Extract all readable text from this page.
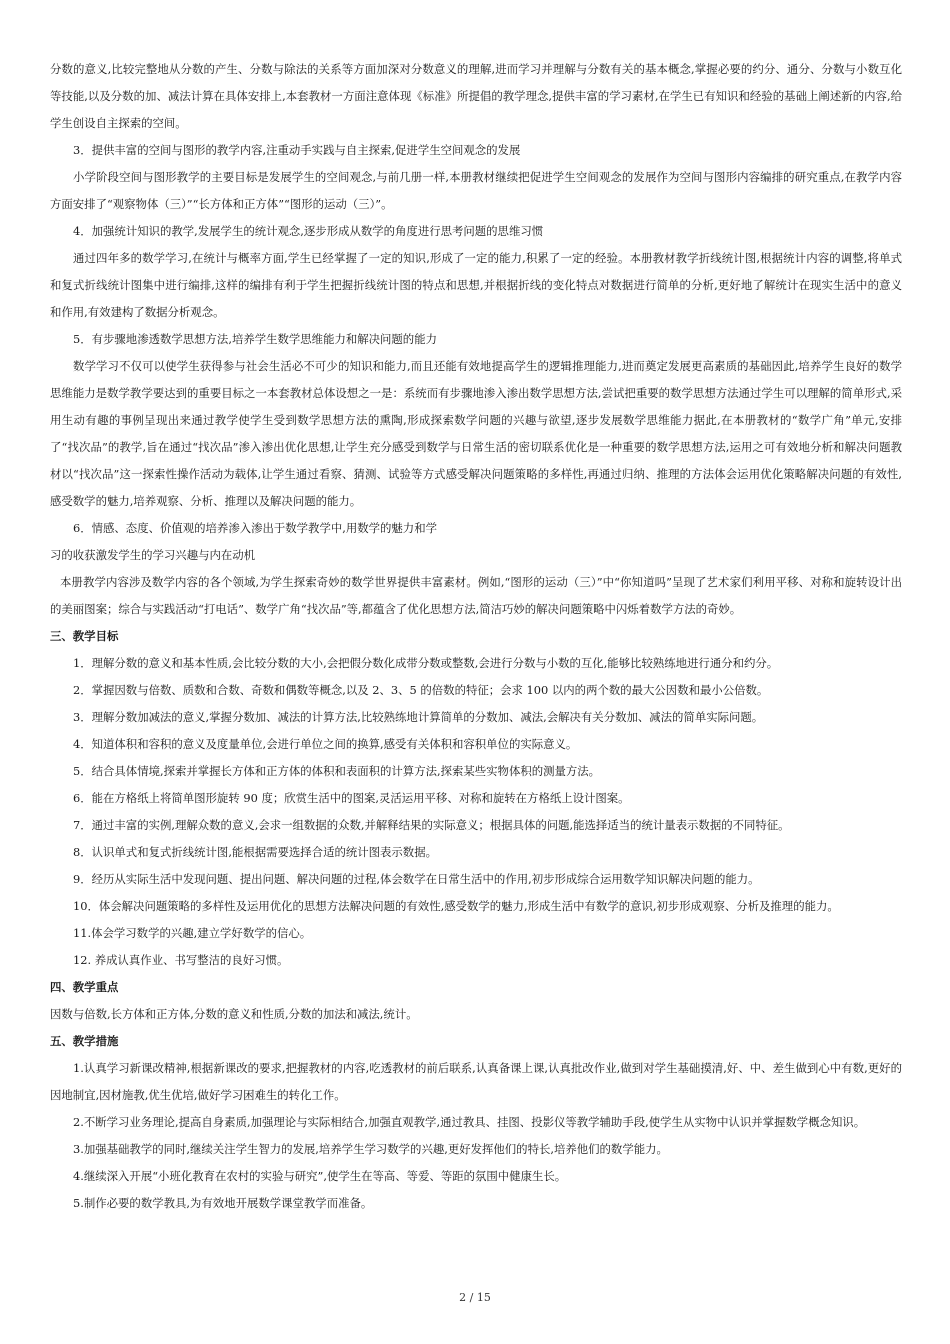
分数的意义,比较完整地从分数的产生、分数与除法的关系等方面加深对分数意义的理解,进而学习并理解与分数有关的基本概念,掌握必要的约分、通分、分数与小数互化等技能,以及分数的加、减法计算在具体安排上,本套教材一方面注意体现《标准》所提倡的教学理念,提供丰富的学习素材,在学生已有知识和经验的基础上阐述新的内容,给学生创设自主探索的空间。

3．提供丰富的空间与图形的教学内容,注重动手实践与自主探索,促进学生空间观念的发展

小学阶段空间与图形教学的主要目标是发展学生的空间观念,与前几册一样,本册教材继续把促进学生空间观念的发展作为空间与图形内容编排的研究重点,在教学内容方面安排了“观察物体（三）”“长方体和正方体”“图形的运动（三）”。

4．加强统计知识的教学,发展学生的统计观念,逐步形成从数学的角度进行思考问题的思维习惯

通过四年多的数学学习,在统计与概率方面,学生已经掌握了一定的知识,形成了一定的能力,积累了一定的经验。本册教材教学折线统计图,根据统计内容的调整,将单式和复式折线统计图集中进行编排,这样的编排有利于学生把握折线统计图的特点和思想,并根据折线的变化特点对数据进行简单的分析,更好地了解统计在现实生活中的意义和作用,有效建构了数据分析观念。

5．有步骤地渗透数学思想方法,培养学生数学思维能力和解决问题的能力

数学学习不仅可以使学生获得参与社会生活必不可少的知识和能力,而且还能有效地提高学生的逻辑推理能力,进而奠定发展更高素质的基础因此,培养学生良好的数学思维能力是数学教学要达到的重要目标之一本套教材总体设想之一是：系统而有步骤地渗入渗出数学思想方法,尝试把重要的数学思想方法通过学生可以理解的简单形式,采用生动有趣的事例呈现出来通过教学使学生受到数学思想方法的熏陶,形成探索数学问题的兴趣与欲望,逐步发展数学思维能力据此,在本册教材的“数学广角”单元,安排了“找次品”的教学,旨在通过“找次品”渗入渗出优化思想,让学生充分感受到数学与日常生活的密切联系优化是一种重要的数学思想方法,运用之可有效地分析和解决问题教材以“找次品”这一探索性操作活动为载体,让学生通过看察、猜测、试验等方式感受解决问题策略的多样性,再通过归纳、推理的方法体会运用优化策略解决问题的有效性,感受数学的魅力,培养观察、分析、推理以及解决问题的能力。

6．情感、态度、价值观的培养渗入渗出于数学教学中,用数学的魅力和学

习的收获激发学生的学习兴趣与内在动机

本册教学内容涉及数学内容的各个领域,为学生探索奇妙的数学世界提供丰富素材。例如,“图形的运动（三）”中“你知道吗”呈现了艺术家们利用平移、对称和旋转设计出的美丽图案；综合与实践活动“打电话”、数学广角“找次品”等,都蕴含了优化思想方法,简洁巧妙的解决问题策略中闪烁着数学方法的奇妙。

三、教学目标

1．理解分数的意义和基本性质,会比较分数的大小,会把假分数化成带分数或整数,会进行分数与小数的互化,能够比较熟练地进行通分和约分。

2．掌握因数与倍数、质数和合数、奇数和偶数等概念,以及 2、3、5 的倍数的特征；会求 100 以内的两个数的最大公因数和最小公倍数。

3．理解分数加减法的意义,掌握分数加、减法的计算方法,比较熟练地计算简单的分数加、减法,会解决有关分数加、减法的简单实际问题。

4．知道体积和容积的意义及度量单位,会进行单位之间的换算,感受有关体积和容积单位的实际意义。

5．结合具体情境,探索并掌握长方体和正方体的体积和表面积的计算方法,探索某些实物体积的测量方法。

6．能在方格纸上将简单图形旋转 90 度；欣赏生活中的图案,灵活运用平移、对称和旋转在方格纸上设计图案。

7．通过丰富的实例,理解众数的意义,会求一组数据的众数,并解释结果的实际意义；根据具体的问题,能选择适当的统计量表示数据的不同特征。

8．认识单式和复式折线统计图,能根据需要选择合适的统计图表示数据。

9．经历从实际生活中发现问题、提出问题、解决问题的过程,体会数学在日常生活中的作用,初步形成综合运用数学知识解决问题的能力。

10．体会解决问题策略的多样性及运用优化的思想方法解决问题的有效性,感受数学的魅力,形成生活中有数学的意识,初步形成观察、分析及推理的能力。

11.体会学习数学的兴趣,建立学好数学的信心。

12. 养成认真作业、书写整洁的良好习惯。

四、教学重点

因数与倍数,长方体和正方体,分数的意义和性质,分数的加法和减法,统计。

五、教学措施

1.认真学习新课改精神,根据新课改的要求,把握教材的内容,吃透教材的前后联系,认真备课上课,认真批改作业,做到对学生基础摸清,好、中、差生做到心中有数,更好的因地制宜,因材施教,优生优培,做好学习困难生的转化工作。

2.不断学习业务理论,提高自身素质,加强理论与实际相结合,加强直观教学,通过教具、挂图、投影仪等教学辅助手段,使学生从实物中认识并掌握数学概念知识。

3.加强基础教学的同时,继续关注学生智力的发展,培养学生学习数学的兴趣,更好发挥他们的特长,培养他们的数学能力。

4.继续深入开展“小班化教育在农村的实验与研究”,使学生在等高、等爱、等距的氛围中健康生长。

5.制作必要的数学教具,为有效地开展数学课堂教学而准备。

2 / 15
